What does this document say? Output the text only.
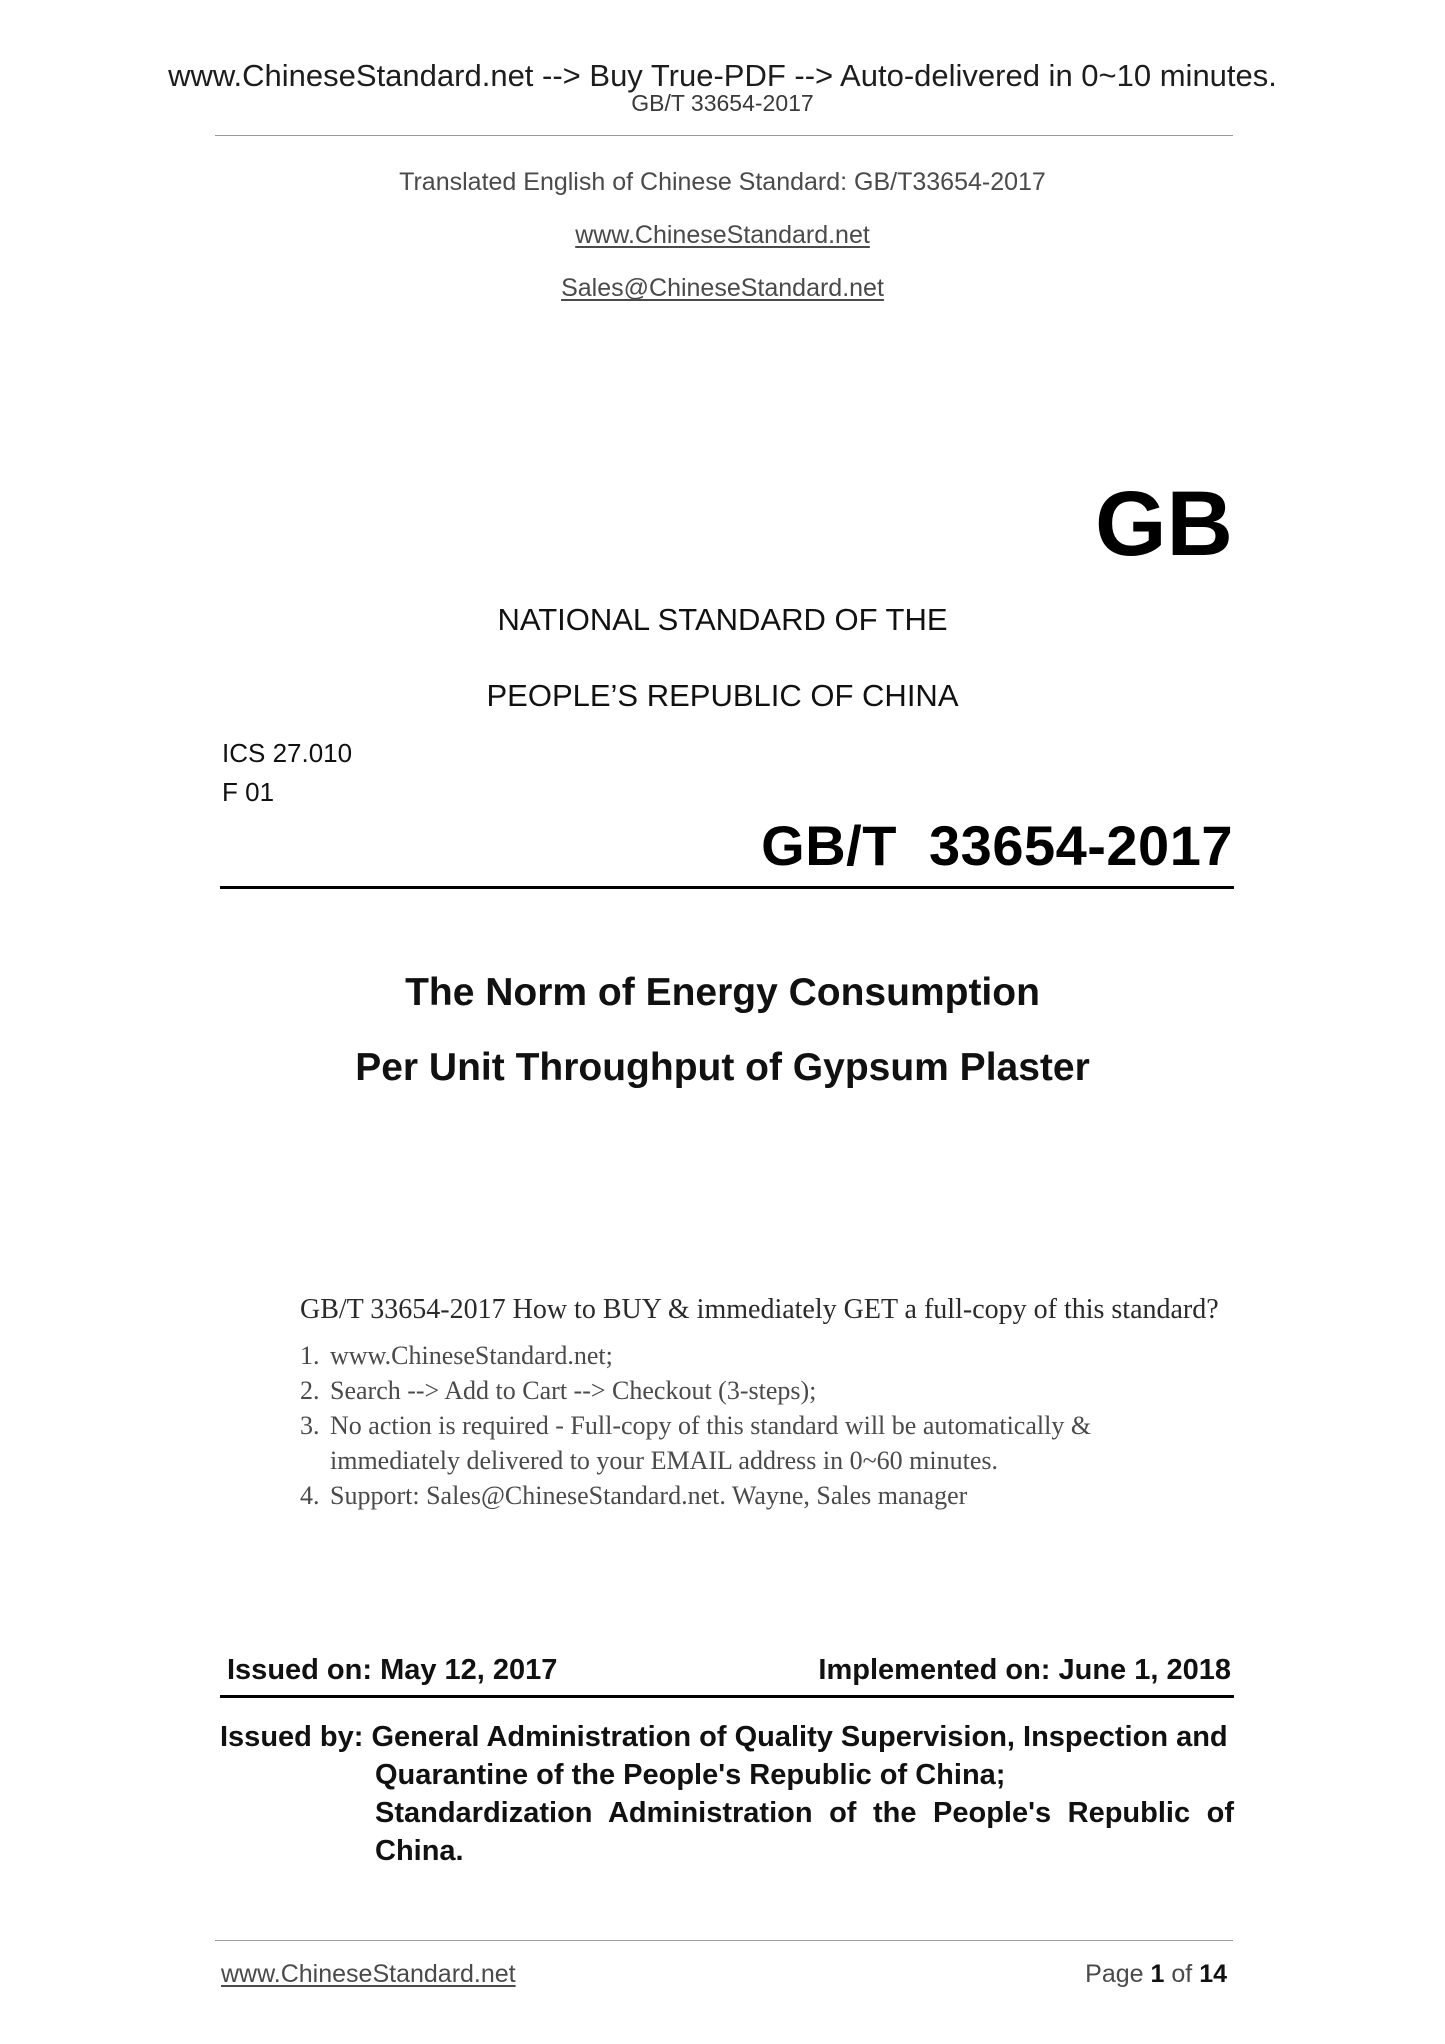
www.ChineseStandard.net --> Buy True-PDF --> Auto-delivered in 0~10 minutes.
GB/T 33654-2017
Translated English of Chinese Standard: GB/T33654-2017
www.ChineseStandard.net
Sales@ChineseStandard.net
GB
NATIONAL STANDARD OF THE
PEOPLE’S REPUBLIC OF CHINA
ICS 27.010
F 01
GB/T  33654-2017
The Norm of Energy Consumption
Per Unit Throughput of Gypsum Plaster
GB/T 33654-2017 How to BUY & immediately GET a full-copy of this standard?
1. www.ChineseStandard.net;
2. Search --> Add to Cart --> Checkout (3-steps);
3. No action is required - Full-copy of this standard will be automatically & immediately delivered to your EMAIL address in 0~60 minutes.
4. Support: Sales@ChineseStandard.net. Wayne, Sales manager
Issued on: May 12, 2017	Implemented on: June 1, 2018
Issued by: General Administration of Quality Supervision, Inspection and
Quarantine of the People's Republic of China;
Standardization Administration of the People's Republic of
China.
www.ChineseStandard.net	Page 1 of 14
